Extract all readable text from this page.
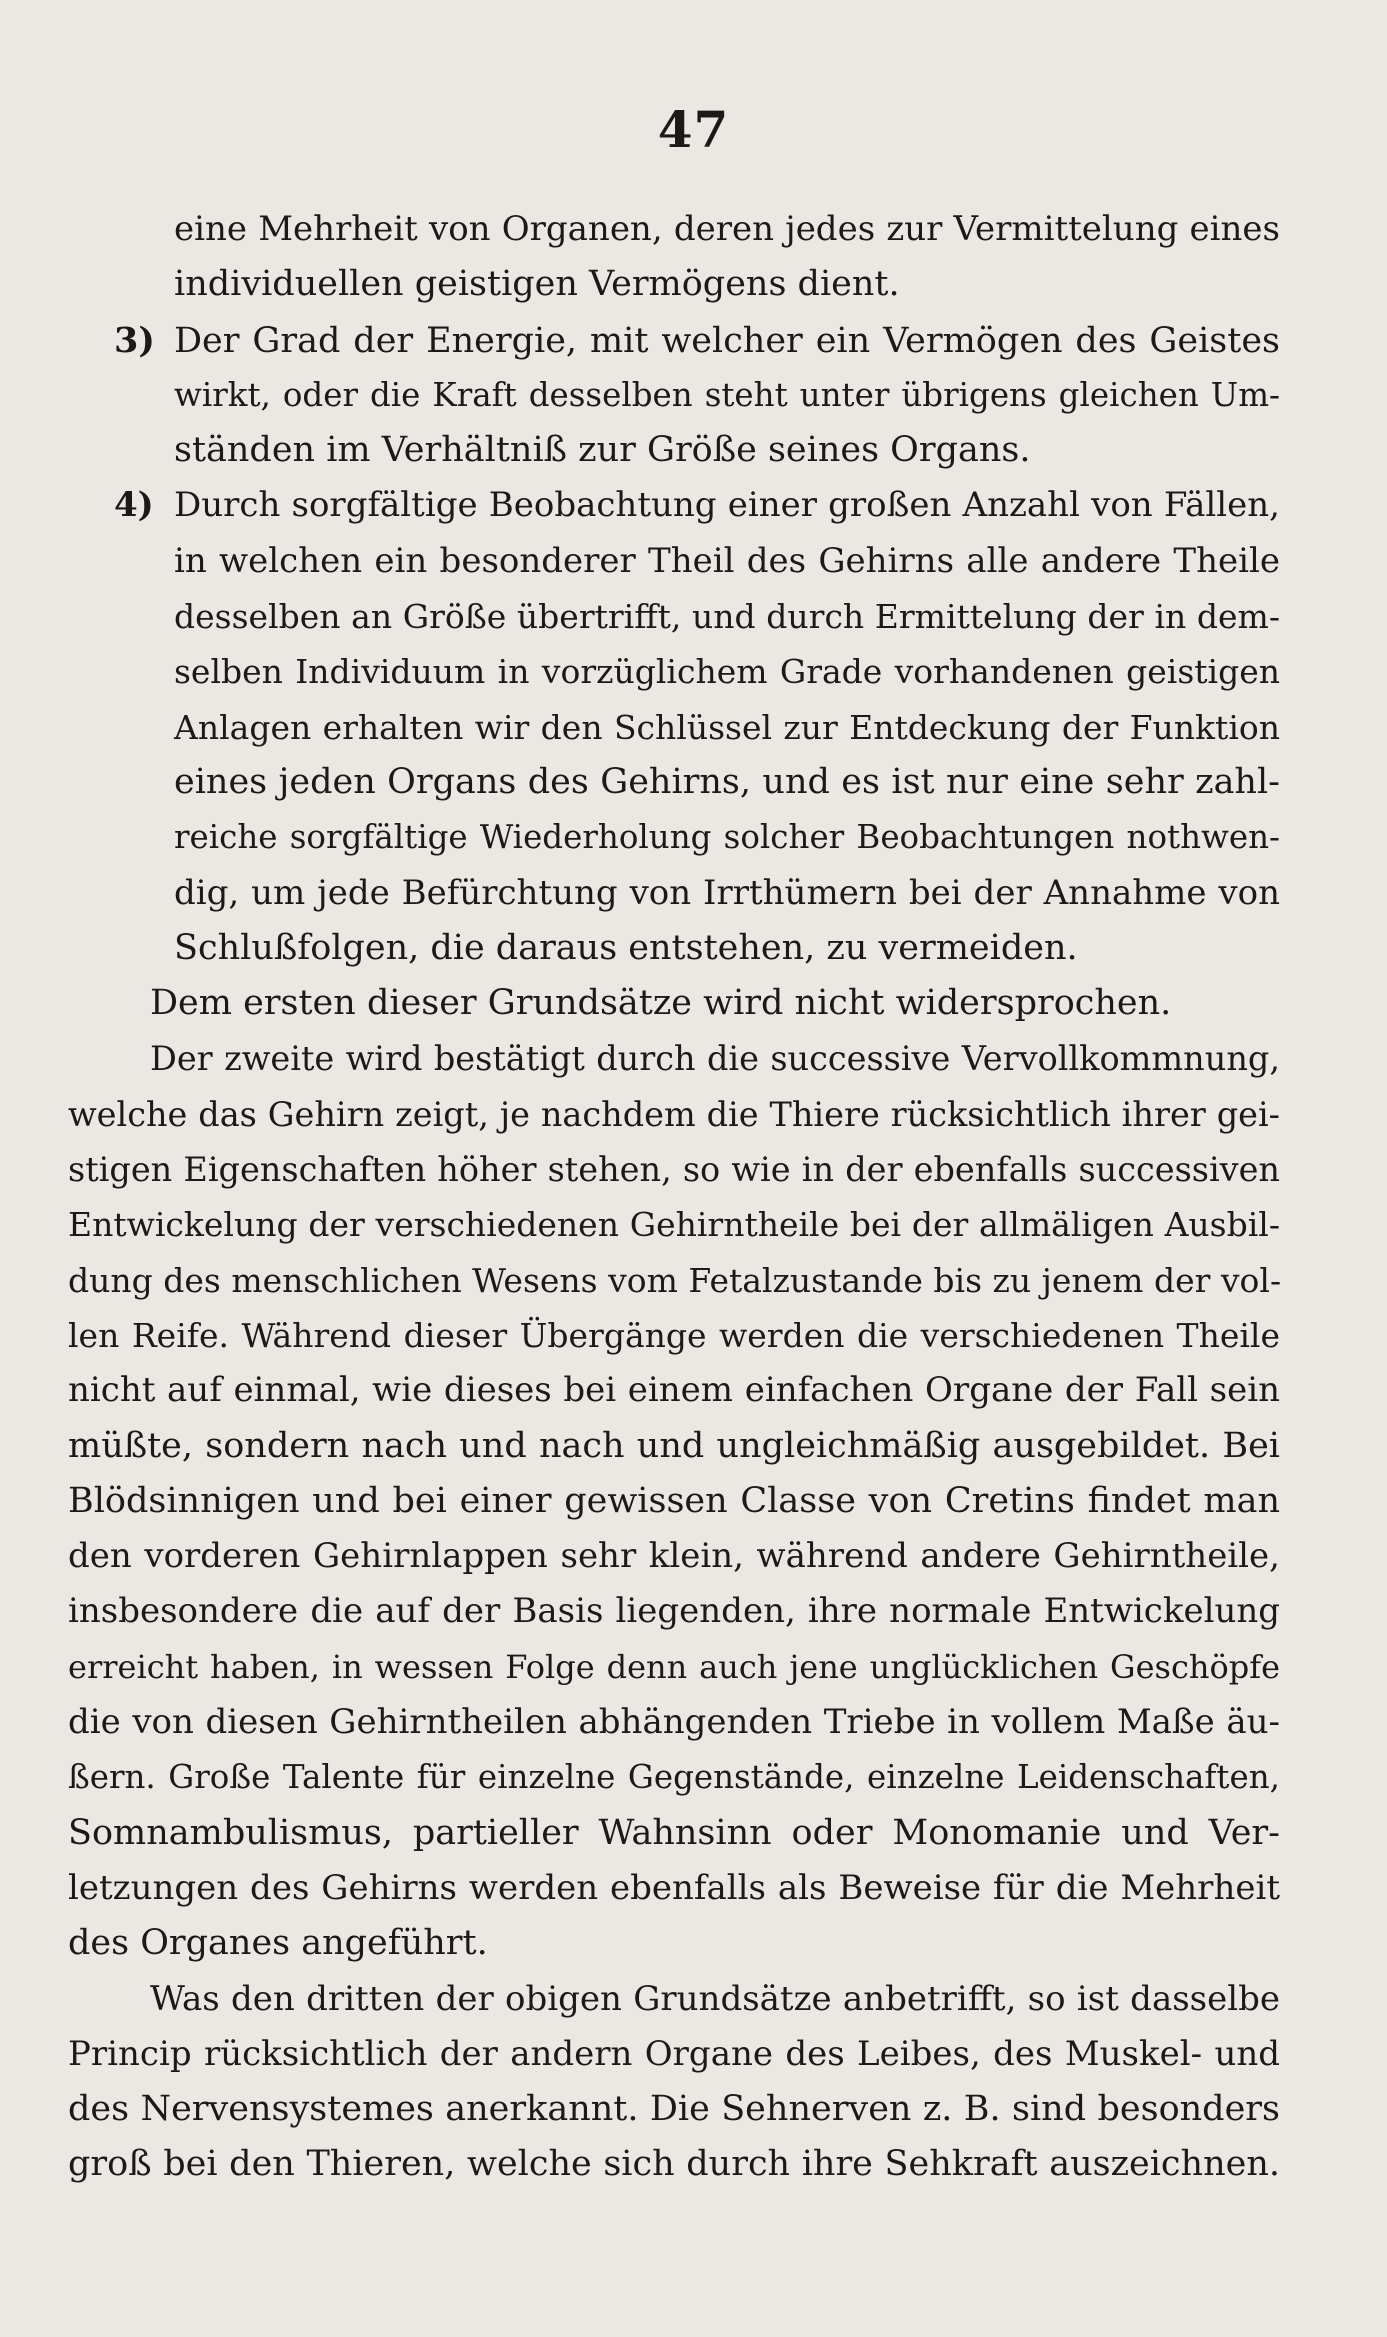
47
eine Mehrheit von Organen, deren jedes zur Vermittelung eines
individuellen geistigen Vermögens dient.
3) Der Grad der Energie, mit welcher ein Vermögen des Geistes
wirkt, oder die Kraft desselben steht unter übrigens gleichen Um-
ständen im Verhältniß zur Größe seines Organs.
4) Durch sorgfältige Beobachtung einer großen Anzahl von Fällen,
in welchen ein besonderer Theil des Gehirns alle andere Theile
desselben an Größe übertrifft, und durch Ermittelung der in dem-
selben Individuum in vorzüglichem Grade vorhandenen geistigen
Anlagen erhalten wir den Schlüssel zur Entdeckung der Funktion
eines jeden Organs des Gehirns, und es ist nur eine sehr zahl-
reiche sorgfältige Wiederholung solcher Beobachtungen nothwen-
dig, um jede Befürchtung von Irrthümern bei der Annahme von
Schlußfolgen, die daraus entstehen, zu vermeiden.
Dem ersten dieser Grundsätze wird nicht widersprochen.
Der zweite wird bestätigt durch die successive Vervollkommnung,
welche das Gehirn zeigt, je nachdem die Thiere rücksichtlich ihrer gei-
stigen Eigenschaften höher stehen, so wie in der ebenfalls successiven
Entwickelung der verschiedenen Gehirntheile bei der allmäligen Ausbil-
dung des menschlichen Wesens vom Fetalzustande bis zu jenem der vol-
len Reife. Während dieser Übergänge werden die verschiedenen Theile
nicht auf einmal, wie dieses bei einem einfachen Organe der Fall sein
müßte, sondern nach und nach und ungleichmäßig ausgebildet. Bei
Blödsinnigen und bei einer gewissen Classe von Cretins findet man
den vorderen Gehirnlappen sehr klein, während andere Gehirntheile,
insbesondere die auf der Basis liegenden, ihre normale Entwickelung
erreicht haben, in wessen Folge denn auch jene unglücklichen Geschöpfe
die von diesen Gehirntheilen abhängenden Triebe in vollem Maße äu-
ßern. Große Talente für einzelne Gegenstände, einzelne Leidenschaften,
Somnambulismus, partieller Wahnsinn oder Monomanie und Ver-
letzungen des Gehirns werden ebenfalls als Beweise für die Mehrheit
des Organes angeführt.
Was den dritten der obigen Grundsätze anbetrifft, so ist dasselbe
Princip rücksichtlich der andern Organe des Leibes, des Muskel- und
des Nervensystemes anerkannt. Die Sehnerven z. B. sind besonders
groß bei den Thieren, welche sich durch ihre Sehkraft auszeichnen.
